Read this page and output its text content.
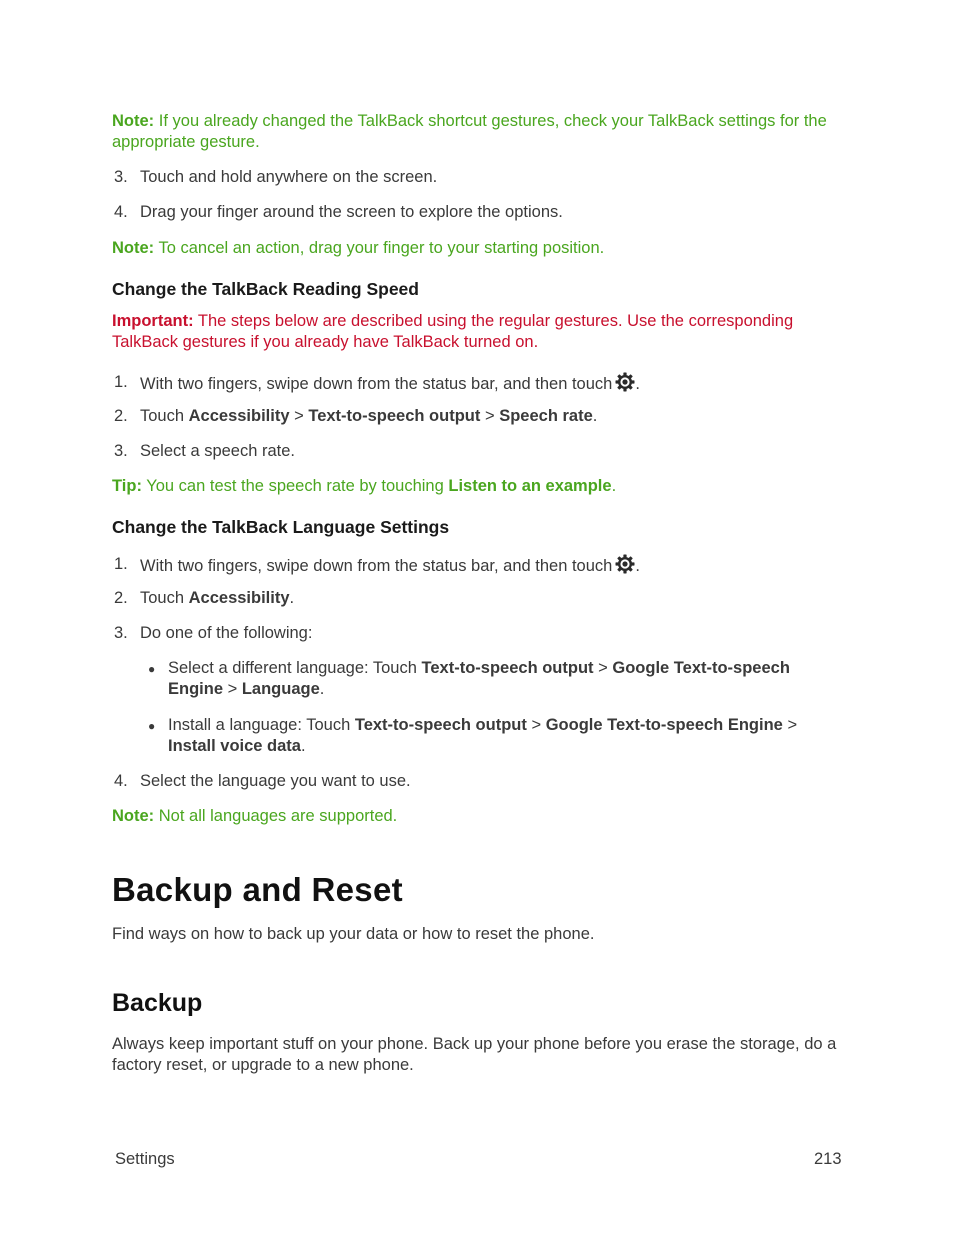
Note: If you already changed the TalkBack shortcut gestures, check your TalkBack settings for the appropriate gesture.
3. Touch and hold anywhere on the screen.
4. Drag your finger around the screen to explore the options.
Note: To cancel an action, drag your finger to your starting position.
Change the TalkBack Reading Speed
Important: The steps below are described using the regular gestures. Use the corresponding TalkBack gestures if you already have TalkBack turned on.
1. With two fingers, swipe down from the status bar, and then touch .
2. Touch Accessibility > Text-to-speech output > Speech rate.
3. Select a speech rate.
Tip: You can test the speech rate by touching Listen to an example.
Change the TalkBack Language Settings
1. With two fingers, swipe down from the status bar, and then touch .
2. Touch Accessibility.
3. Do one of the following:
● Select a different language: Touch Text-to-speech output > Google Text-to-speech Engine > Language.
● Install a language: Touch Text-to-speech output > Google Text-to-speech Engine > Install voice data.
4. Select the language you want to use.
Note: Not all languages are supported.
Backup and Reset
Find ways on how to back up your data or how to reset the phone.
Backup
Always keep important stuff on your phone. Back up your phone before you erase the storage, do a factory reset, or upgrade to a new phone.
Settings	213
